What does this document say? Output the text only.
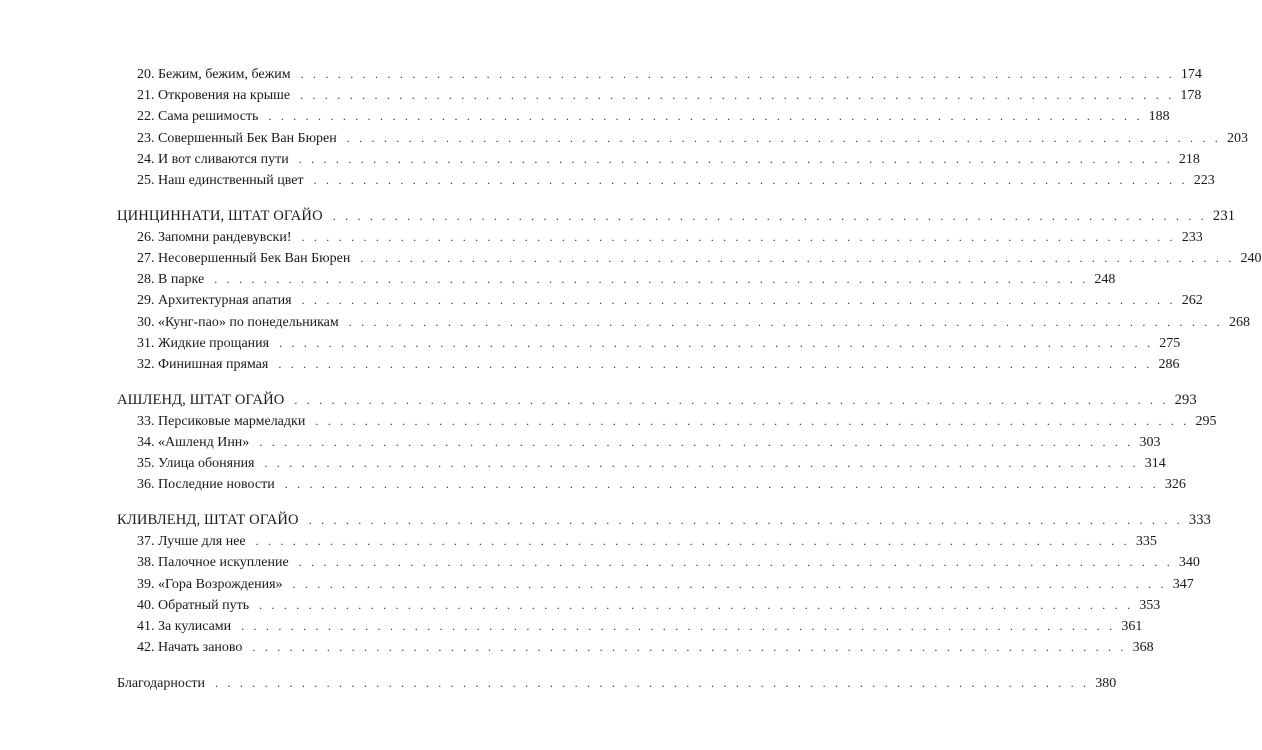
20. Бежим, бежим, бежим . . . . . . . . . . . . . . . . . . . . . . . . . . . . . . . . . . . . . . . . . . . . . . . . . . . . . . . . . . . . . . . . . . . . . . . 174
21. Откровения на крыше . . . . . . . . . . . . . . . . . . . . . . . . . . . . . . . . . . . . . . . . . . . . . . . . . . . . . . . . . . . . . . . . . . . . . . . 178
22. Сама решимость . . . . . . . . . . . . . . . . . . . . . . . . . . . . . . . . . . . . . . . . . . . . . . . . . . . . . . . . . . . . . . . . . . . . . . . 188
23. Совершенный Бек Ван Бюрен . . . . . . . . . . . . . . . . . . . . . . . . . . . . . . . . . . . . . . . . . . . . . . . . . . . . . . . . . . . . . . . . . . . . . . . 203
24. И вот сливаются пути . . . . . . . . . . . . . . . . . . . . . . . . . . . . . . . . . . . . . . . . . . . . . . . . . . . . . . . . . . . . . . . . . . . . . . . 218
25. Наш единственный цвет . . . . . . . . . . . . . . . . . . . . . . . . . . . . . . . . . . . . . . . . . . . . . . . . . . . . . . . . . . . . . . . . . . . . . . . 223
ЦИНЦИННАТИ, ШТАТ ОГАЙО . . . . . . . . . . . . . . . . . . . . . . . . . . . . . . . . . . . . . . . . . . . . . . . . . . . . . . . . . . . . . . . . . . . . . . . 231
26. Запомни рандевувски! . . . . . . . . . . . . . . . . . . . . . . . . . . . . . . . . . . . . . . . . . . . . . . . . . . . . . . . . . . . . . . . . . . . . . . . 233
27. Несовершенный Бек Ван Бюрен . . . . . . . . . . . . . . . . . . . . . . . . . . . . . . . . . . . . . . . . . . . . . . . . . . . . . . . . . . . . . . . . . . . . . . . 240
28. В парке . . . . . . . . . . . . . . . . . . . . . . . . . . . . . . . . . . . . . . . . . . . . . . . . . . . . . . . . . . . . . . . . . . . . . . . 248
29. Архитектурная апатия . . . . . . . . . . . . . . . . . . . . . . . . . . . . . . . . . . . . . . . . . . . . . . . . . . . . . . . . . . . . . . . . . . . . . . . 262
30. «Кунг-пао» по понедельникам . . . . . . . . . . . . . . . . . . . . . . . . . . . . . . . . . . . . . . . . . . . . . . . . . . . . . . . . . . . . . . . . . . . . . . . 268
31. Жидкие прощания . . . . . . . . . . . . . . . . . . . . . . . . . . . . . . . . . . . . . . . . . . . . . . . . . . . . . . . . . . . . . . . . . . . . . . . 275
32. Финишная прямая . . . . . . . . . . . . . . . . . . . . . . . . . . . . . . . . . . . . . . . . . . . . . . . . . . . . . . . . . . . . . . . . . . . . . . . 286
АШЛЕНД, ШТАТ ОГАЙО . . . . . . . . . . . . . . . . . . . . . . . . . . . . . . . . . . . . . . . . . . . . . . . . . . . . . . . . . . . . . . . . . . . . . . . 293
33. Персиковые мармеладки . . . . . . . . . . . . . . . . . . . . . . . . . . . . . . . . . . . . . . . . . . . . . . . . . . . . . . . . . . . . . . . . . . . . . . . 295
34. «Ашленд Инн» . . . . . . . . . . . . . . . . . . . . . . . . . . . . . . . . . . . . . . . . . . . . . . . . . . . . . . . . . . . . . . . . . . . . . . . 303
35. Улица обоняния . . . . . . . . . . . . . . . . . . . . . . . . . . . . . . . . . . . . . . . . . . . . . . . . . . . . . . . . . . . . . . . . . . . . . . . 314
36. Последние новости . . . . . . . . . . . . . . . . . . . . . . . . . . . . . . . . . . . . . . . . . . . . . . . . . . . . . . . . . . . . . . . . . . . . . . . 326
КЛИВЛЕНД, ШТАТ ОГАЙО . . . . . . . . . . . . . . . . . . . . . . . . . . . . . . . . . . . . . . . . . . . . . . . . . . . . . . . . . . . . . . . . . . . . . . . 333
37. Лучше для нее . . . . . . . . . . . . . . . . . . . . . . . . . . . . . . . . . . . . . . . . . . . . . . . . . . . . . . . . . . . . . . . . . . . . . . . 335
38. Палочное искупление . . . . . . . . . . . . . . . . . . . . . . . . . . . . . . . . . . . . . . . . . . . . . . . . . . . . . . . . . . . . . . . . . . . . . . . 340
39. «Гора Возрождения» . . . . . . . . . . . . . . . . . . . . . . . . . . . . . . . . . . . . . . . . . . . . . . . . . . . . . . . . . . . . . . . . . . . . . . . 347
40. Обратный путь . . . . . . . . . . . . . . . . . . . . . . . . . . . . . . . . . . . . . . . . . . . . . . . . . . . . . . . . . . . . . . . . . . . . . . . 353
41. За кулисами . . . . . . . . . . . . . . . . . . . . . . . . . . . . . . . . . . . . . . . . . . . . . . . . . . . . . . . . . . . . . . . . . . . . . . . 361
42. Начать заново . . . . . . . . . . . . . . . . . . . . . . . . . . . . . . . . . . . . . . . . . . . . . . . . . . . . . . . . . . . . . . . . . . . . . . . 368
Благодарности . . . . . . . . . . . . . . . . . . . . . . . . . . . . . . . . . . . . . . . . . . . . . . . . . . . . . . . . . . . . . . . . . . . . . . . 380
